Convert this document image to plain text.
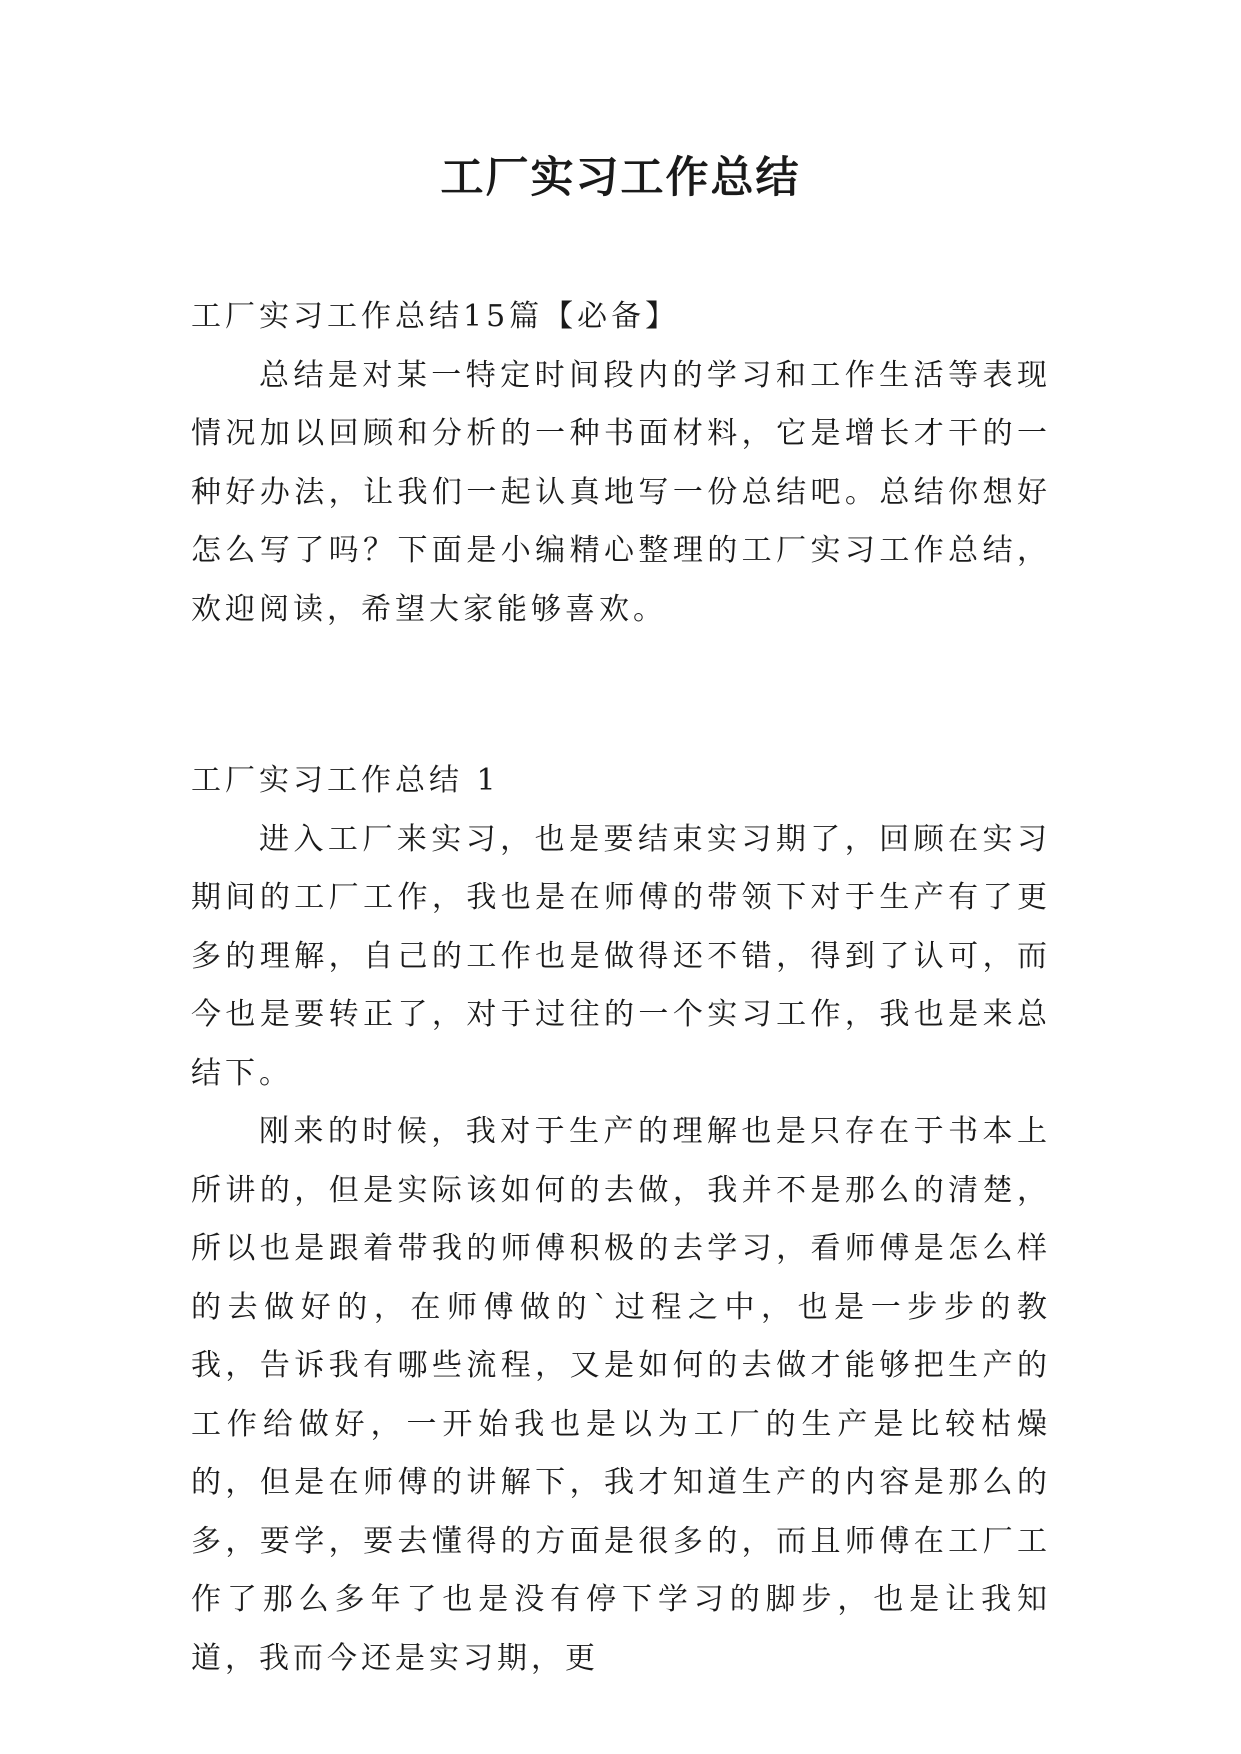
工厂实习工作总结

工厂实习工作总结15篇【必备】

总结是对某一特定时间段内的学习和工作生活等表现情况加以回顾和分析的一种书面材料，它是增长才干的一种好办法，让我们一起认真地写一份总结吧。总结你想好怎么写了吗？下面是小编精心整理的工厂实习工作总结，欢迎阅读，希望大家能够喜欢。

工厂实习工作总结 1

进入工厂来实习，也是要结束实习期了，回顾在实习期间的工厂工作，我也是在师傅的带领下对于生产有了更多的理解，自己的工作也是做得还不错，得到了认可，而今也是要转正了，对于过往的一个实习工作，我也是来总结下。

刚来的时候，我对于生产的理解也是只存在于书本上所讲的，但是实际该如何的去做，我并不是那么的清楚，所以也是跟着带我的师傅积极的去学习，看师傅是怎么样的去做好的，在师傅做的`过程之中，也是一步步的教我，告诉我有哪些流程，又是如何的去做才能够把生产的工作给做好，一开始我也是以为工厂的生产是比较枯燥的，但是在师傅的讲解下，我才知道生产的内容是那么的多，要学，要去懂得的方面是很多的，而且师傅在工厂工作了那么多年了也是没有停下学习的脚步，也是让我知道，我而今还是实习期，更
